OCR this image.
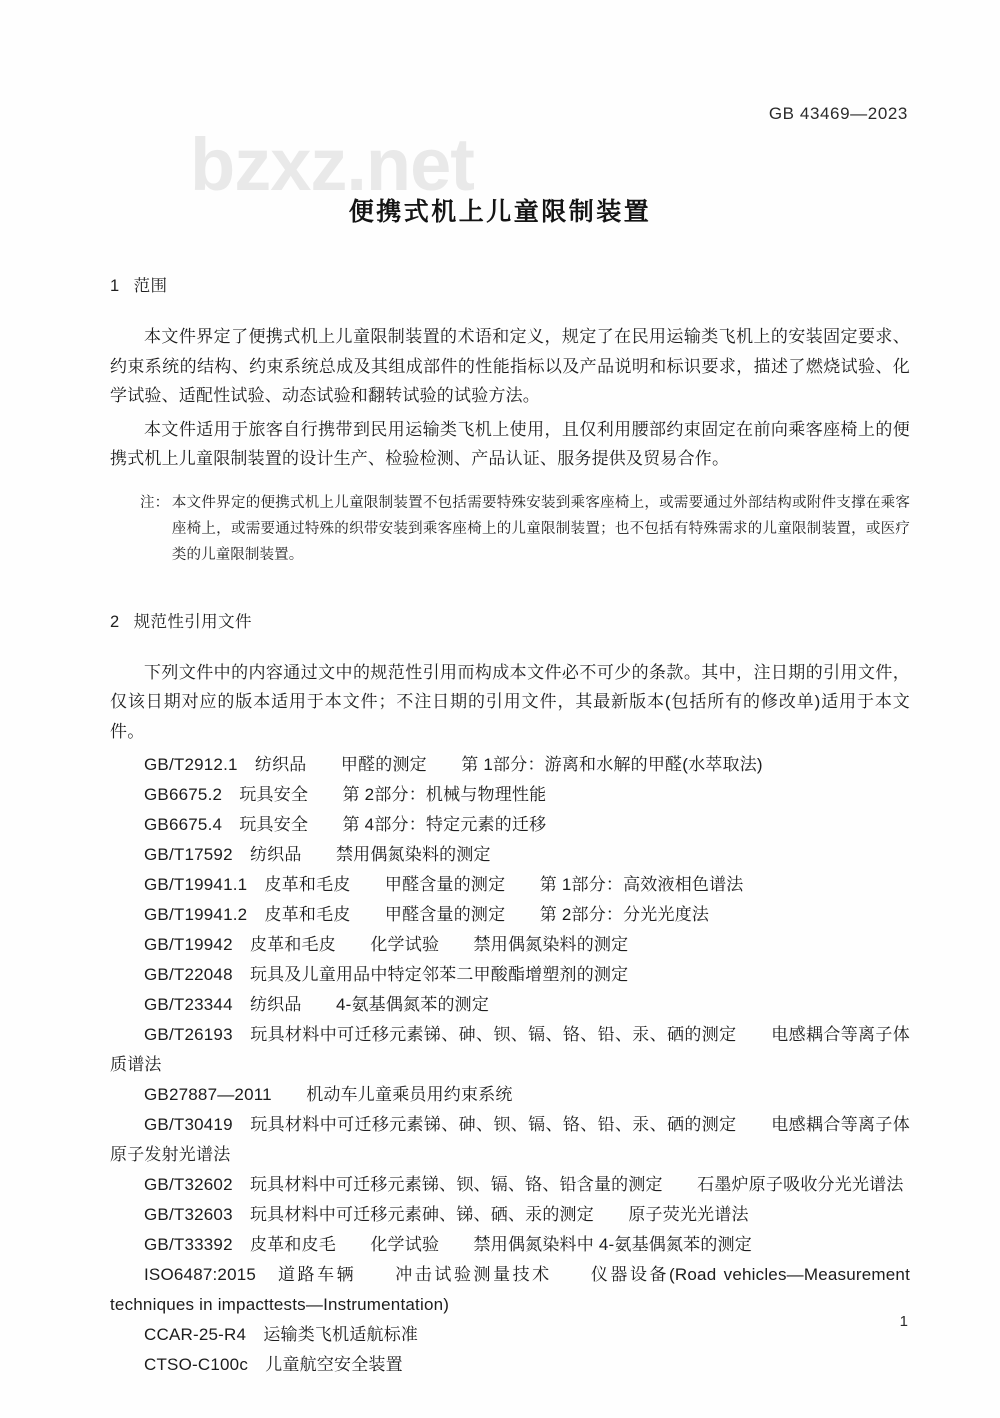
GB 43469—2023
bzxz.net
便携式机上儿童限制装置
1 范围

本文件界定了便携式机上儿童限制装置的术语和定义，规定了在民用运输类飞机上的安装固定要求、约束系统的结构、约束系统总成及其组成部件的性能指标以及产品说明和标识要求，描述了燃烧试验、化学试验、适配性试验、动态试验和翻转试验的试验方法。

本文件适用于旅客自行携带到民用运输类飞机上使用，且仅利用腰部约束固定在前向乘客座椅上的便携式机上儿童限制装置的设计生产、检验检测、产品认证、服务提供及贸易合作。

注： 本文件界定的便携式机上儿童限制装置不包括需要特殊安装到乘客座椅上，或需要通过外部结构或附件支撑在乘客座椅上，或需要通过特殊的织带安装到乘客座椅上的儿童限制装置；也不包括有特殊需求的儿童限制装置，或医疗类的儿童限制装置。
2 规范性引用文件

下列文件中的内容通过文中的规范性引用而构成本文件必不可少的条款。其中，注日期的引用文件，仅该日期对应的版本适用于本文件；不注日期的引用文件，其最新版本(包括所有的修改单)适用于本文件。

GB/T2912.1　纺织品　　甲醛的测定　　第 1部分：游离和水解的甲醛(水萃取法)
GB6675.2　玩具安全　　第 2部分：机械与物理性能
GB6675.4　玩具安全　　第 4部分：特定元素的迁移
GB/T17592　纺织品　　禁用偶氮染料的测定
GB/T19941.1　皮革和毛皮　　甲醛含量的测定　　第 1部分：高效液相色谱法
GB/T19941.2　皮革和毛皮　　甲醛含量的测定　　第 2部分：分光光度法
GB/T19942　皮革和毛皮　　化学试验　　禁用偶氮染料的测定
GB/T22048　玩具及儿童用品中特定邻苯二甲酸酯增塑剂的测定
GB/T23344　纺织品　　4-氨基偶氮苯的测定
GB/T26193　玩具材料中可迁移元素锑、砷、钡、镉、铬、铅、汞、硒的测定　　电感耦合等离子体质谱法
GB27887—2011　　机动车儿童乘员用约束系统
GB/T30419　玩具材料中可迁移元素锑、砷、钡、镉、铬、铅、汞、硒的测定　　电感耦合等离子体原子发射光谱法
GB/T32602　玩具材料中可迁移元素锑、钡、镉、铬、铅含量的测定　　石墨炉原子吸收分光光谱法
GB/T32603　玩具材料中可迁移元素砷、锑、硒、汞的测定　　原子荧光光谱法
GB/T33392　皮革和皮毛　　化学试验　　禁用偶氮染料中 4-氨基偶氮苯的测定
ISO6487:2015　道路车辆　　冲击试验测量技术　　仪器设备(Road vehicles—Measurement techniques in impacttests—Instrumentation)
CCAR-25-R4　运输类飞机适航标准
CTSO-C100c　儿童航空安全装置
1
